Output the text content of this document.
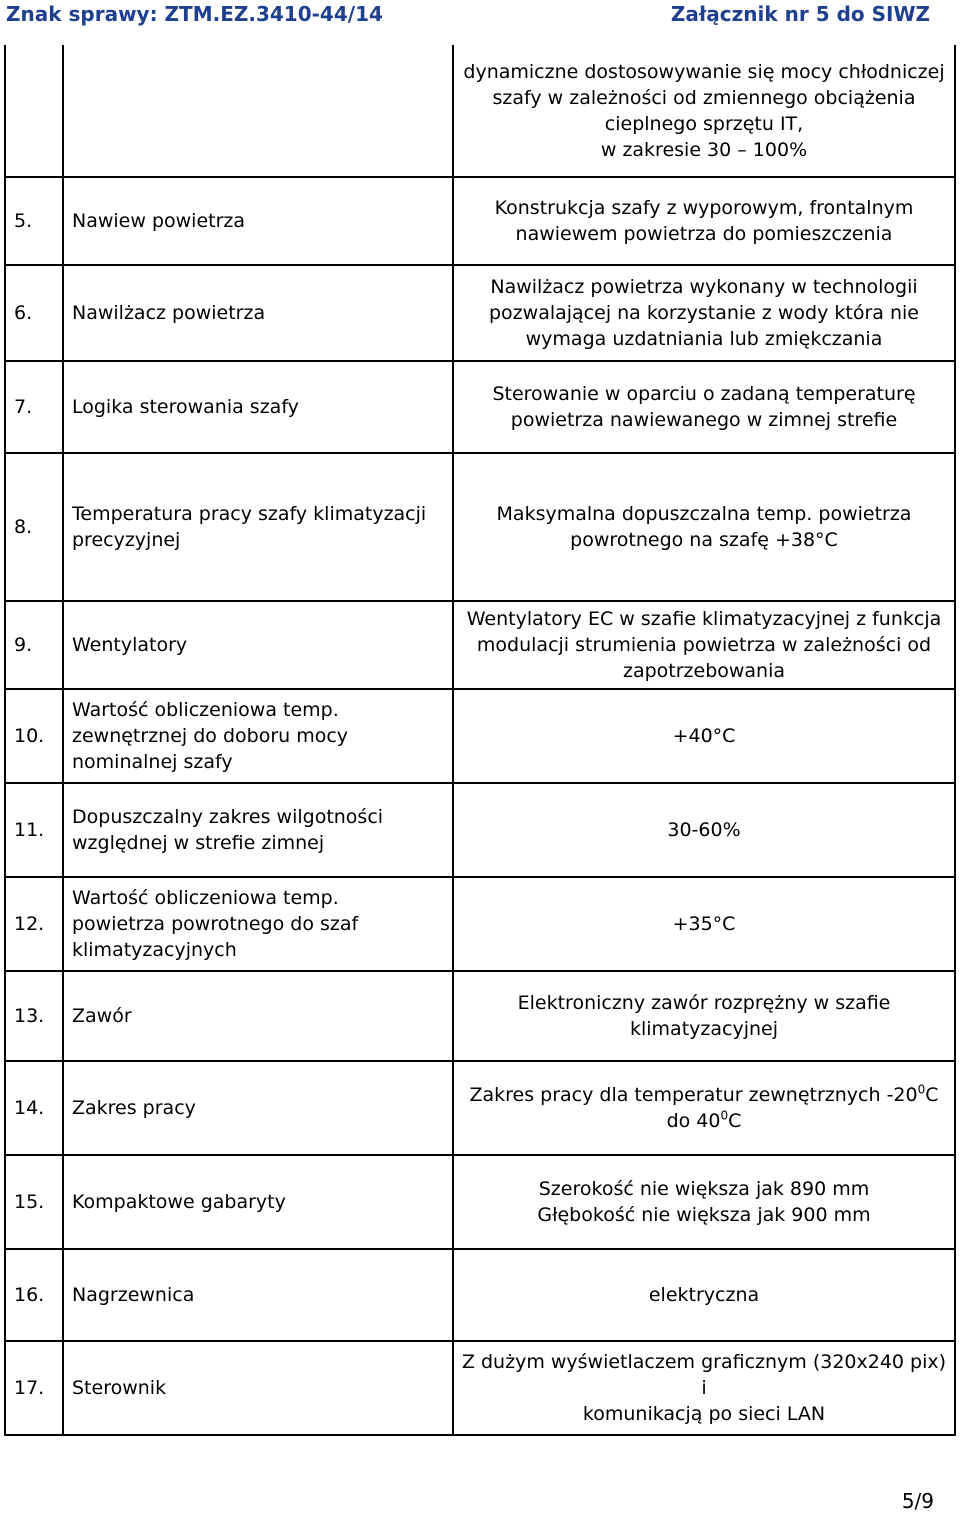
Znak sprawy: ZTM.EZ.3410-44/14	Załącznik nr 5 do SIWZ

		dynamiczne dostosowywanie się mocy chłodniczej
szafy w zależności od zmiennego obciążenia
cieplnego sprzętu IT,
w zakresie 30 – 100%

5.	Nawiew powietrza	Konstrukcja szafy z wyporowym, frontalnym
nawiewem powietrza do pomieszczenia

6.	Nawilżacz powietrza	Nawilżacz powietrza wykonany w technologii
pozwalającej na korzystanie z wody która nie
wymaga uzdatniania lub zmiękczania

7.	Logika sterowania szafy	Sterowanie w oparciu o zadaną temperaturę
powietrza nawiewanego w zimnej strefie

8.	Temperatura pracy szafy klimatyzacji
precyzyjnej	Maksymalna dopuszczalna temp. powietrza
powrotnego na szafę +38°C

9.	Wentylatory	Wentylatory EC w szafie klimatyzacyjnej z funkcja
modulacji strumienia powietrza w zależności od
zapotrzebowania

10.	Wartość obliczeniowa temp.
zewnętrznej do doboru mocy
nominalnej szafy	+40°C
11.	Dopuszczalny zakres wilgotności
względnej w strefie zimnej	30-60%
12.	Wartość obliczeniowa temp.
powietrza powrotnego do szaf
klimatyzacyjnych	+35°C
13.	Zawór	Elektroniczny zawór rozprężny w szafie
klimatyzacyjnej

14.	Zakres pracy	Zakres pracy dla temperatur zewnętrznych $-20^0C$
do $40^0C$
15.	Kompaktowe gabaryty	Szerokość nie większa jak 890 mm
Głębokość nie większa jak 900 mm

16.	Nagrzewnica	elektryczna
17.	Sterownik	Z dużym wyświetlaczem graficznym (320x240 pix) i
komunikacją po sieci LAN
5/9
